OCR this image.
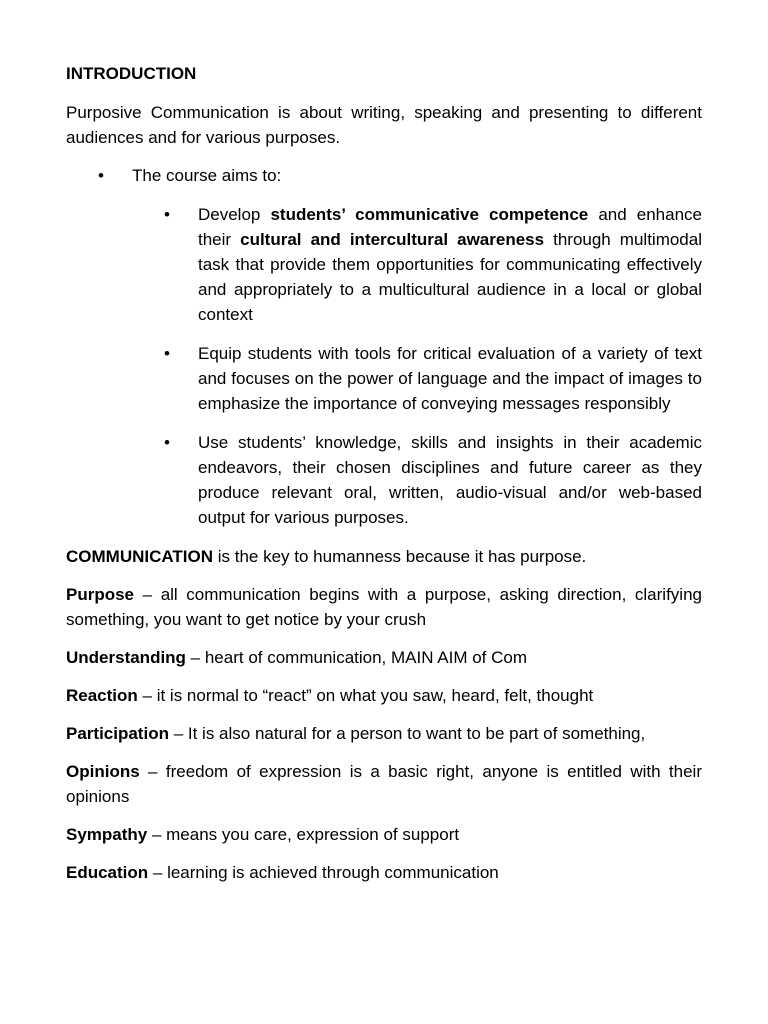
INTRODUCTION
Purposive Communication is about writing, speaking and presenting to different audiences and for various purposes.
• The course aims to:
• Develop students’ communicative competence and enhance their cultural and intercultural awareness through multimodal task that provide them opportunities for communicating effectively and appropriately to a multicultural audience in a local or global context
• Equip students with tools for critical evaluation of a variety of text and focuses on the power of language and the impact of images to emphasize the importance of conveying messages responsibly
• Use students’ knowledge, skills and insights in their academic endeavors, their chosen disciplines and future career as they produce relevant oral, written, audio-visual and/or web-based output for various purposes.
COMMUNICATION is the key to humanness because it has purpose.
Purpose – all communication begins with a purpose, asking direction, clarifying something, you want to get notice by your crush
Understanding – heart of communication, MAIN AIM of Com
Reaction – it is normal to “react” on what you saw, heard, felt, thought
Participation – It is also natural for a person to want to be part of something,
Opinions – freedom of expression is a basic right, anyone is entitled with their opinions
Sympathy – means you care, expression of support
Education – learning is achieved through communication
